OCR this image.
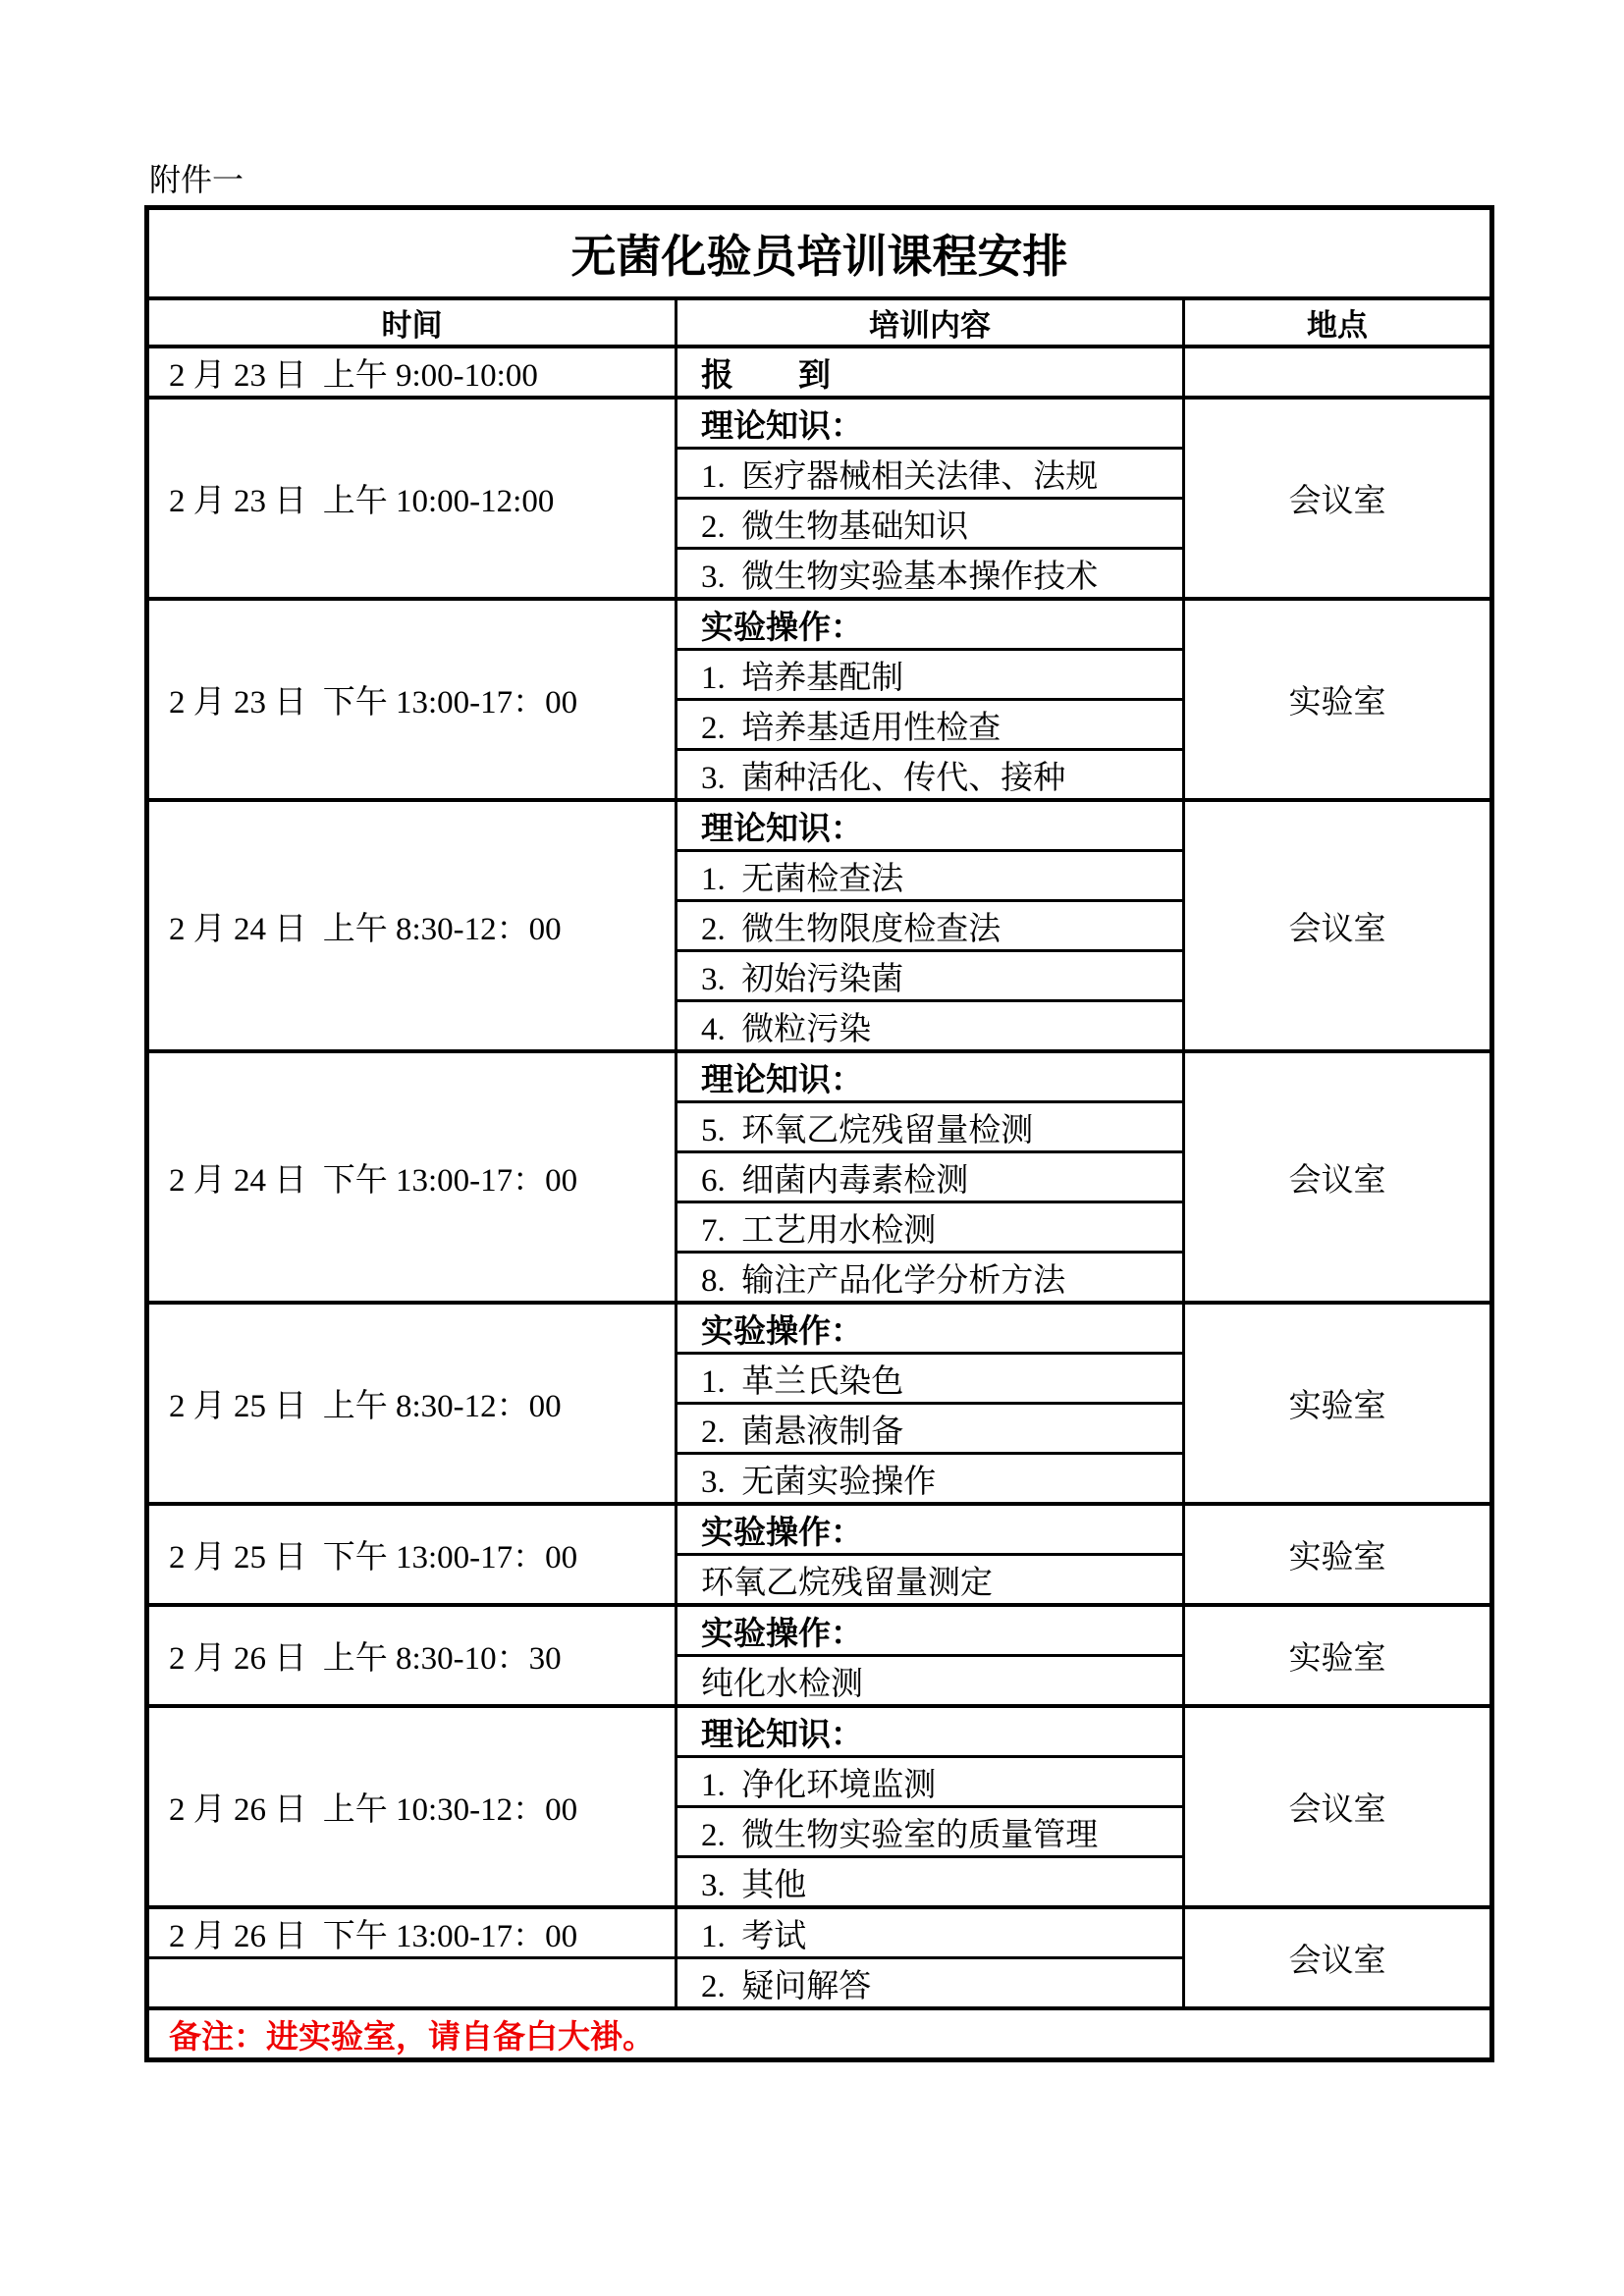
附件一
无菌化验员培训课程安排		
时间	培训内容	地点
2 月 23 日  上午 9:00-10:00	报　　到	
2 月 23 日  上午 10:00-12:00	理论知识：	会议室
	1.  医疗器械相关法律、法规	
	2.  微生物基础知识	
	3.  微生物实验基本操作技术	
2 月 23 日  下午 13:00-17：00	实验操作：	实验室
	1.  培养基配制	
	2.  培养基适用性检查	
	3.  菌种活化、传代、接种	
2 月 24 日  上午 8:30-12：00	理论知识：	会议室
	1.  无菌检查法	
	2.  微生物限度检查法	
	3.  初始污染菌	
	4.  微粒污染	
2 月 24 日  下午 13:00-17：00	理论知识：	会议室
	5.  环氧乙烷残留量检测	
	6.  细菌内毒素检测	
	7.  工艺用水检测	
	8.  输注产品化学分析方法	
2 月 25 日  上午 8:30-12：00	实验操作：	实验室
	1.  革兰氏染色	
	2.  菌悬液制备	
	3.  无菌实验操作	
2 月 25 日  下午 13:00-17：00	实验操作：	实验室
	环氧乙烷残留量测定	
2 月 26 日  上午 8:30-10：30	实验操作：	实验室
	纯化水检测	
2 月 26 日  上午 10:30-12：00	理论知识：	会议室
	1.  净化环境监测	
	2.  微生物实验室的质量管理	
	3.  其他	
2 月 26 日  下午 13:00-17：00	1.  考试	会议室
	2.  疑问解答	
备注：进实验室，请自备白大褂。		
